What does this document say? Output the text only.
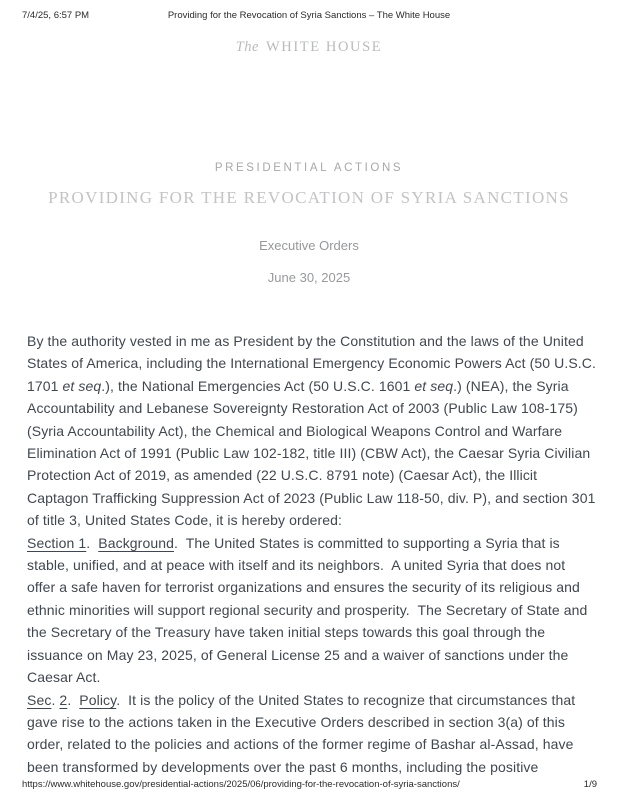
7/4/25, 6:57 PM	Providing for the Revocation of Syria Sanctions – The White House
The WHITE HOUSE
PRESIDENTIAL ACTIONS
PROVIDING FOR THE REVOCATION OF SYRIA SANCTIONS
Executive Orders
June 30, 2025

By the authority vested in me as President by the Constitution and the laws of the United States of America, including the International Emergency Economic Powers Act (50 U.S.C. 1701 et seq.), the National Emergencies Act (50 U.S.C. 1601 et seq.) (NEA), the Syria Accountability and Lebanese Sovereignty Restoration Act of 2003 (Public Law 108-175) (Syria Accountability Act), the Chemical and Biological Weapons Control and Warfare Elimination Act of 1991 (Public Law 102-182, title III) (CBW Act), the Caesar Syria Civilian Protection Act of 2019, as amended (22 U.S.C. 8791 note) (Caesar Act), the Illicit Captagon Trafficking Suppression Act of 2023 (Public Law 118-50, div. P), and section 301 of title 3, United States Code, it is hereby ordered:

Section 1.  Background.  The United States is committed to supporting a Syria that is stable, unified, and at peace with itself and its neighbors.  A united Syria that does not offer a safe haven for terrorist organizations and ensures the security of its religious and ethnic minorities will support regional security and prosperity.  The Secretary of State and the Secretary of the Treasury have taken initial steps towards this goal through the issuance on May 23, 2025, of General License 25 and a waiver of sanctions under the Caesar Act.

Sec. 2.  Policy.  It is the policy of the United States to recognize that circumstances that gave rise to the actions taken in the Executive Orders described in section 3(a) of this order, related to the policies and actions of the former regime of Bashar al-Assad, have been transformed by developments over the past 6 months, including the positive

https://www.whitehouse.gov/presidential-actions/2025/06/providing-for-the-revocation-of-syria-sanctions/	1/9
